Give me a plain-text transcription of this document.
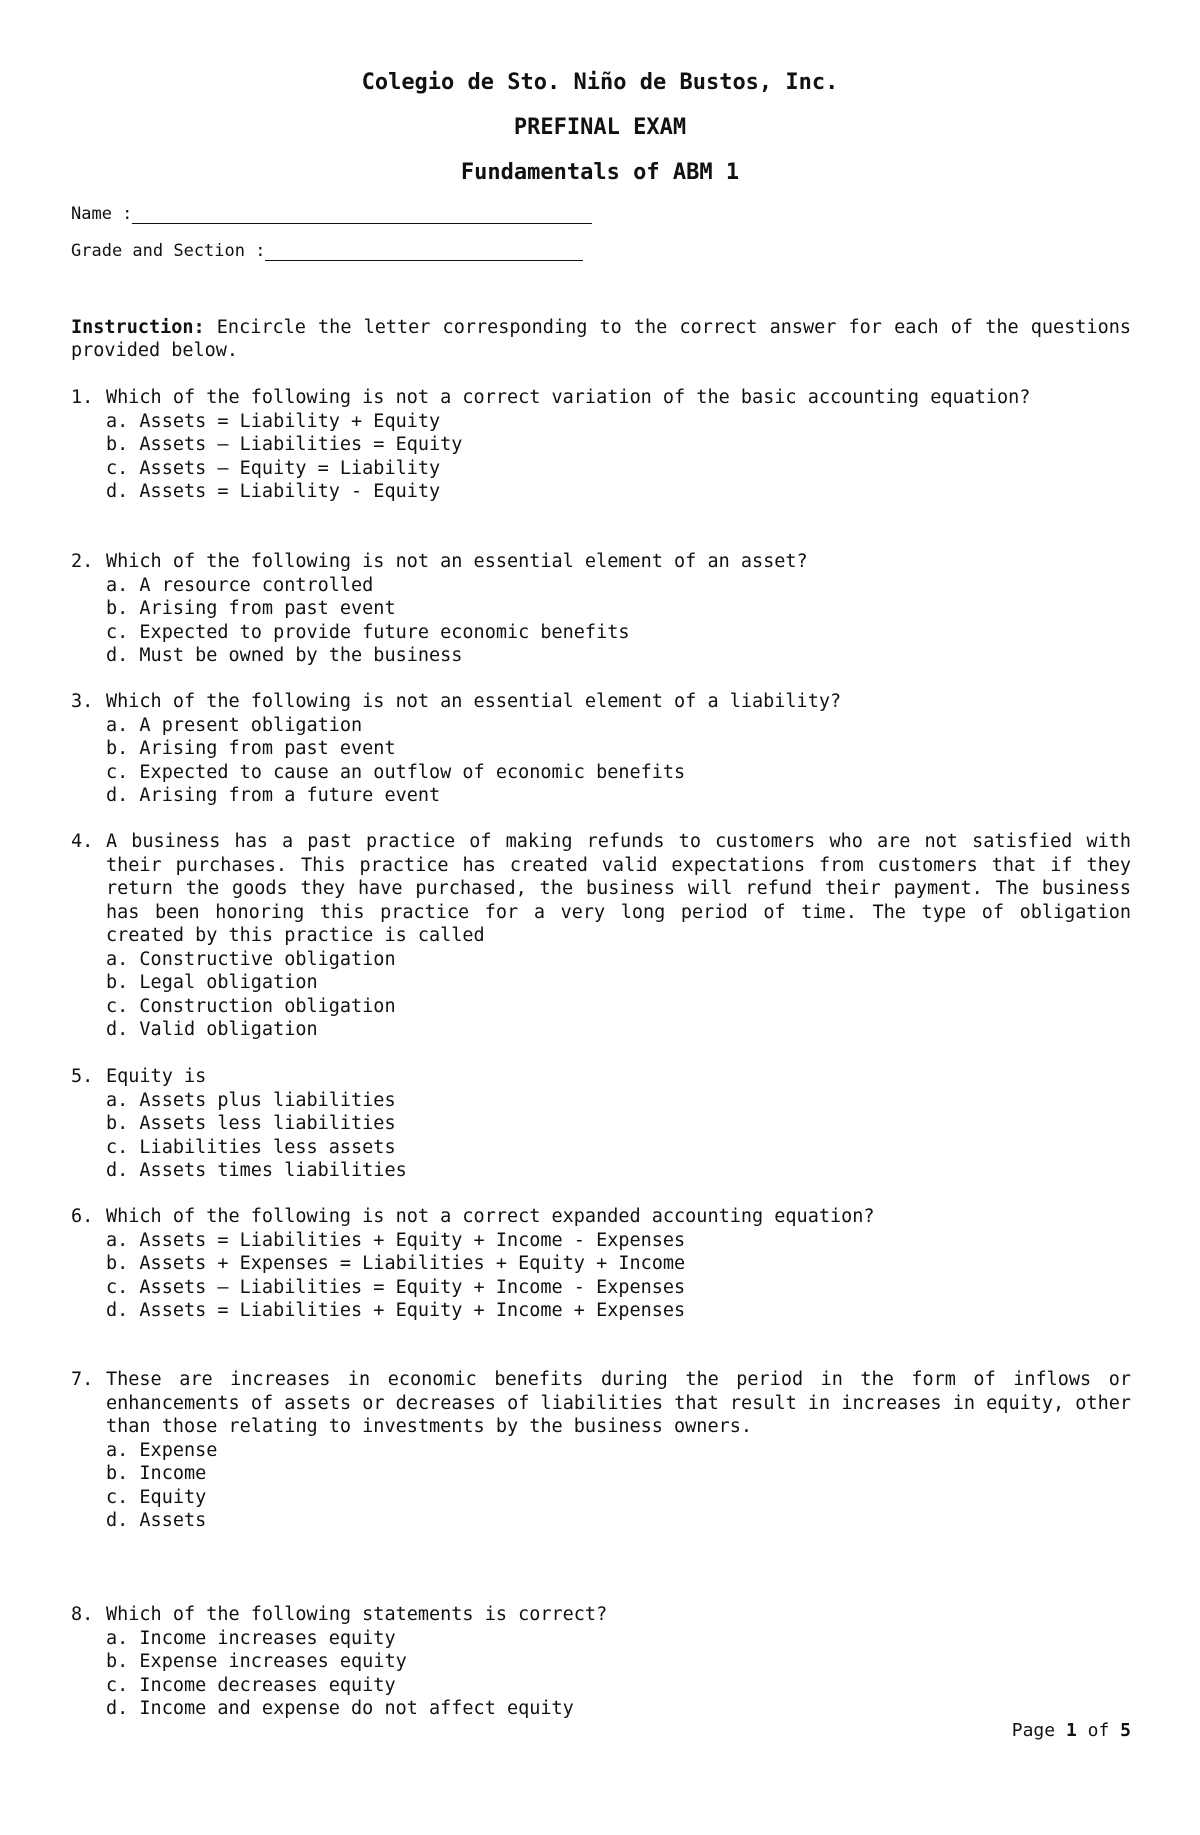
Colegio de Sto. Niño de Bustos, Inc.
PREFINAL EXAM
Fundamentals of ABM 1
Name :
Grade and Section :
Instruction: Encircle the letter corresponding to the correct answer for each of the questions provided below.
1. Which of the following is not a correct variation of the basic accounting equation?
a. Assets = Liability + Equity
b. Assets – Liabilities = Equity
c. Assets – Equity = Liability
d. Assets = Liability - Equity
2. Which of the following is not an essential element of an asset?
a. A resource controlled
b. Arising from past event
c. Expected to provide future economic benefits
d. Must be owned by the business
3. Which of the following is not an essential element of a liability?
a. A present obligation
b. Arising from past event
c. Expected to cause an outflow of economic benefits
d. Arising from a future event
4. A business has a past practice of making refunds to customers who are not satisfied with their purchases. This practice has created valid expectations from customers that if they return the goods they have purchased, the business will refund their payment. The business has been honoring this practice for a very long period of time. The type of obligation created by this practice is called
a. Constructive obligation
b. Legal obligation
c. Construction obligation
d. Valid obligation
5. Equity is
a. Assets plus liabilities
b. Assets less liabilities
c. Liabilities less assets
d. Assets times liabilities
6. Which of the following is not a correct expanded accounting equation?
a. Assets = Liabilities + Equity + Income - Expenses
b. Assets + Expenses = Liabilities + Equity + Income
c. Assets – Liabilities = Equity + Income - Expenses
d. Assets = Liabilities + Equity + Income + Expenses
7. These are increases in economic benefits during the period in the form of inflows or enhancements of assets or decreases of liabilities that result in increases in equity, other than those relating to investments by the business owners.
a. Expense
b. Income
c. Equity
d. Assets
8. Which of the following statements is correct?
a. Income increases equity
b. Expense increases equity
c. Income decreases equity
d. Income and expense do not affect equity
Page 1 of 5
